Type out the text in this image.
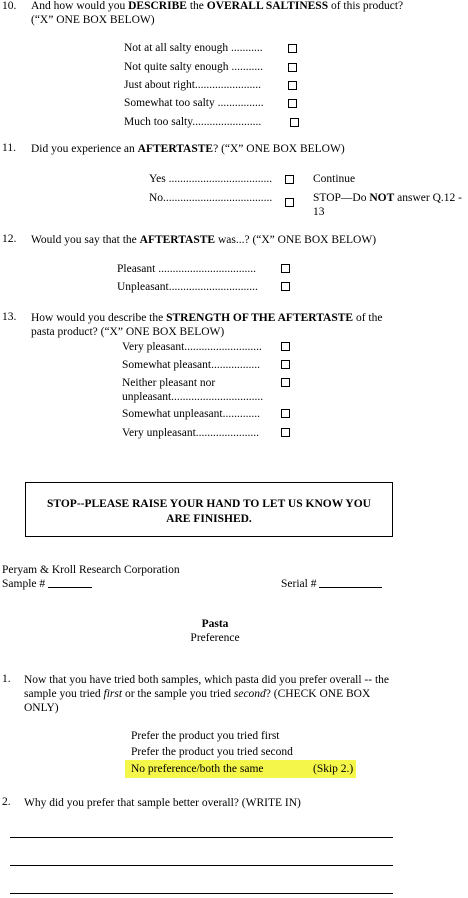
10. And how would you DESCRIBE the OVERALL SALTINESS of this product?
(“X” ONE BOX BELOW)
Not at all salty enough ...........
Not quite salty enough ...........
Just about right.......................
Somewhat too salty ................
Much too salty........................
11. Did you experience an AFTERTASTE? (“X” ONE BOX BELOW)
Yes ....................................	Continue
No......................................	STOP—Do NOT answer Q.12 -
13
12. Would you say that the AFTERTASTE was...? (“X” ONE BOX BELOW)
Pleasant ..................................
Unpleasant...............................
13. How would you describe the STRENGTH OF THE AFTERTASTE of the
pasta product? (“X” ONE BOX BELOW)
Very pleasant...........................
Somewhat pleasant.................
Neither pleasant nor
unpleasant................................
Somewhat unpleasant.............
Very unpleasant......................
STOP--PLEASE RAISE YOUR HAND TO LET US KNOW YOU
ARE FINISHED.
Peryam & Kroll Research Corporation
Sample #	Serial #
Pasta
Preference
1. Now that you have tried both samples, which pasta did you prefer overall -- the
sample you tried first or the sample you tried second? (CHECK ONE BOX
ONLY)
Prefer the product you tried first
Prefer the product you tried second
No preference/both the same	(Skip 2.)
2. Why did you prefer that sample better overall? (WRITE IN)
